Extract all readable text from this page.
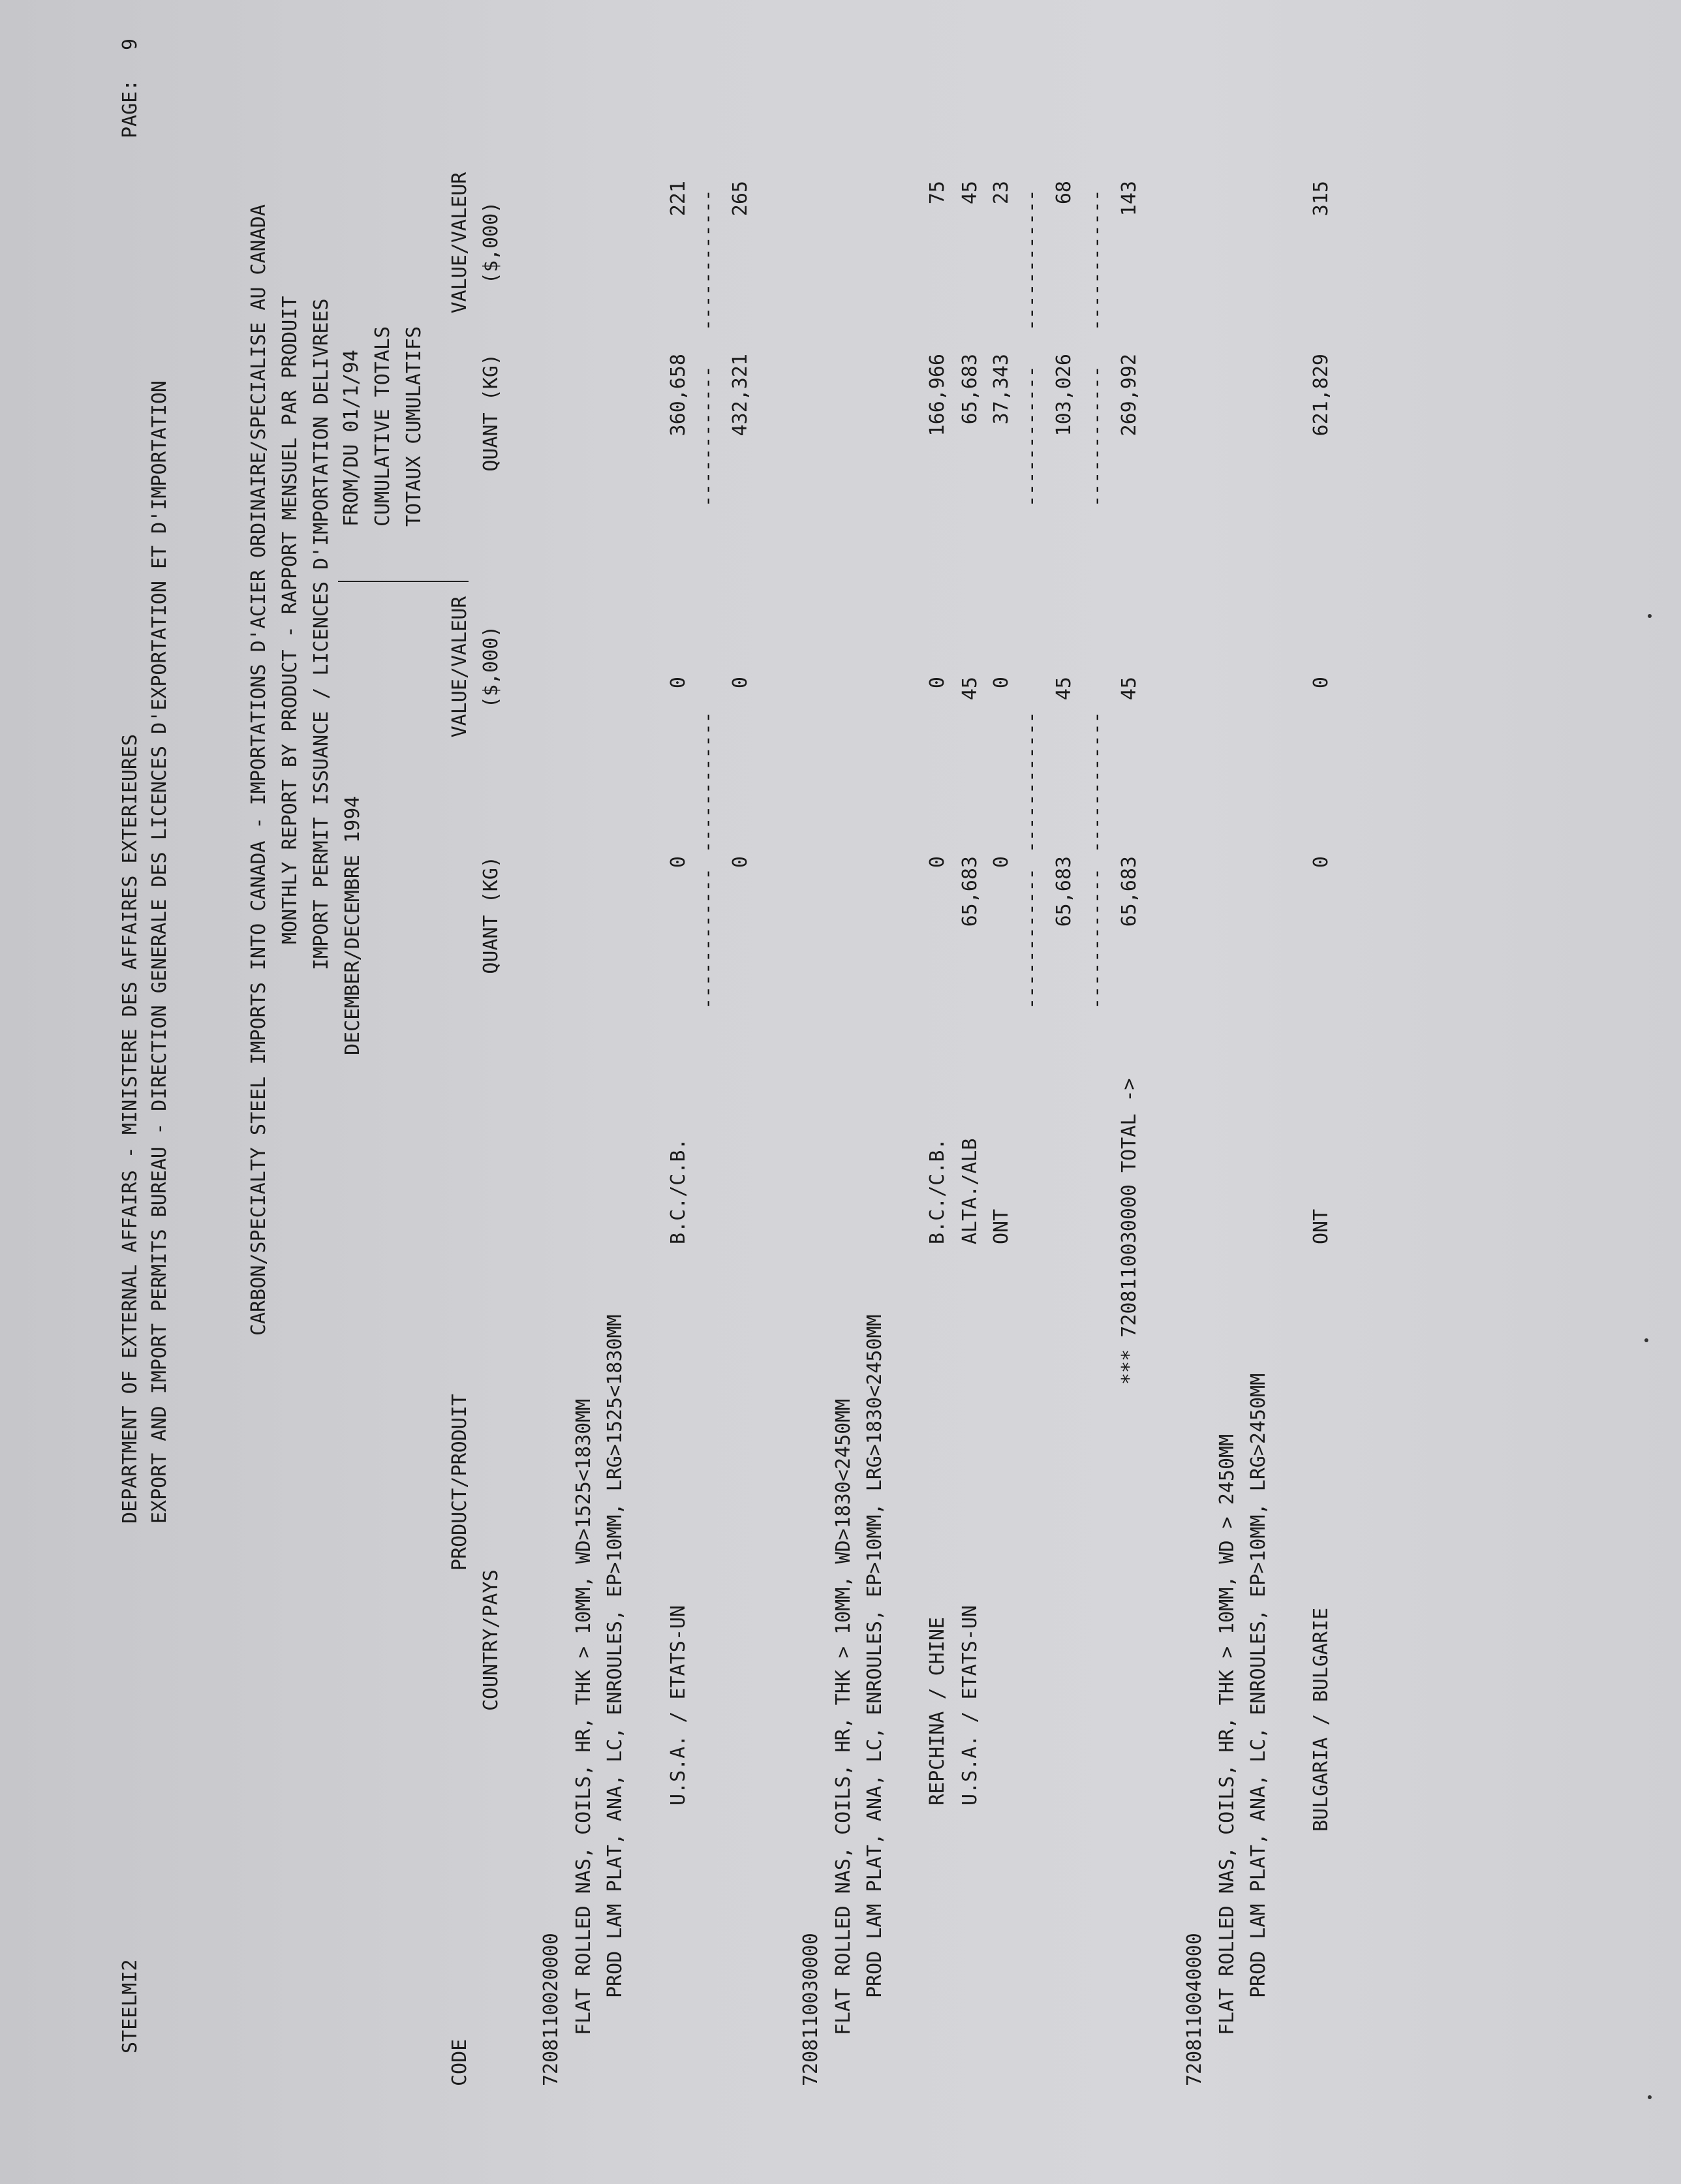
STEELMI2
DEPARTMENT OF EXTERNAL AFFAIRS - MINISTERE DES AFFAIRES EXTERIEURES EXPORT AND IMPORT PERMITS BUREAU - DIRECTION GENERALE DES LICENCES D'EXPORTATION ET D'IMPORTATION
PAGE:
9
CARBON/SPECIALTY STEEL IMPORTS INTO CANADA - IMPORTATIONS D'ACIER ORDINAIRE/SPECIALISE AU CANADA MONTHLY REPORT BY PRODUCT - RAPPORT MENSUEL PAR PRODUIT IMPORT PERMIT ISSUANCE / LICENCES D'IMPORTATION DELIVREES DECEMBER/DECEMBRE 1994
FROM/DU 01/1/94 CUMULATIVE TOTALS TOTAUX CUMULATIFS
CODE
PRODUCT/PRODUIT
COUNTRY/PAYS
QUANT (KG)
VALUE/VALEUR ($,000)
QUANT (KG)
VALUE/VALEUR ($,000)
7208110020000 FLAT ROLLED NAS, COILS, HR, THK > 10MM, WD>1525<1830MM PROD LAM PLAT, ANA, LC, ENROULES, EP>10MM, LRG>1525<1830MM U.S.A. / ETATS-UN
B.C./C.B.
0
0
360,658
221
------------
------------
------------
------------
0
0
432,321
265
7208110030000 FLAT ROLLED NAS, COILS, HR, THK > 10MM, WD>1830<2450MM PROD LAM PLAT, ANA, LC, ENROULES, EP>10MM, LRG>1830<2450MM REPCHINA / CHINE
B.C./C.B.
0
0
166,966
75
U.S.A. / ETATS-UN
ALTA./ALB
65,683
45
65,683
45
ONT
0
0
37,343
23
------------
------------
------------
------------
65,683
45
103,026
68
------------
------------
------------
------------
*** 7208110030000 TOTAL ->
65,683
45
269,992
143
7208110040000 FLAT ROLLED NAS, COILS, HR, THK > 10MM, WD > 2450MM PROD LAM PLAT, ANA, LC, ENROULES, EP>10MM, LRG>2450MM BULGARIA / BULGARIE
ONT
0
0
621,829
315
